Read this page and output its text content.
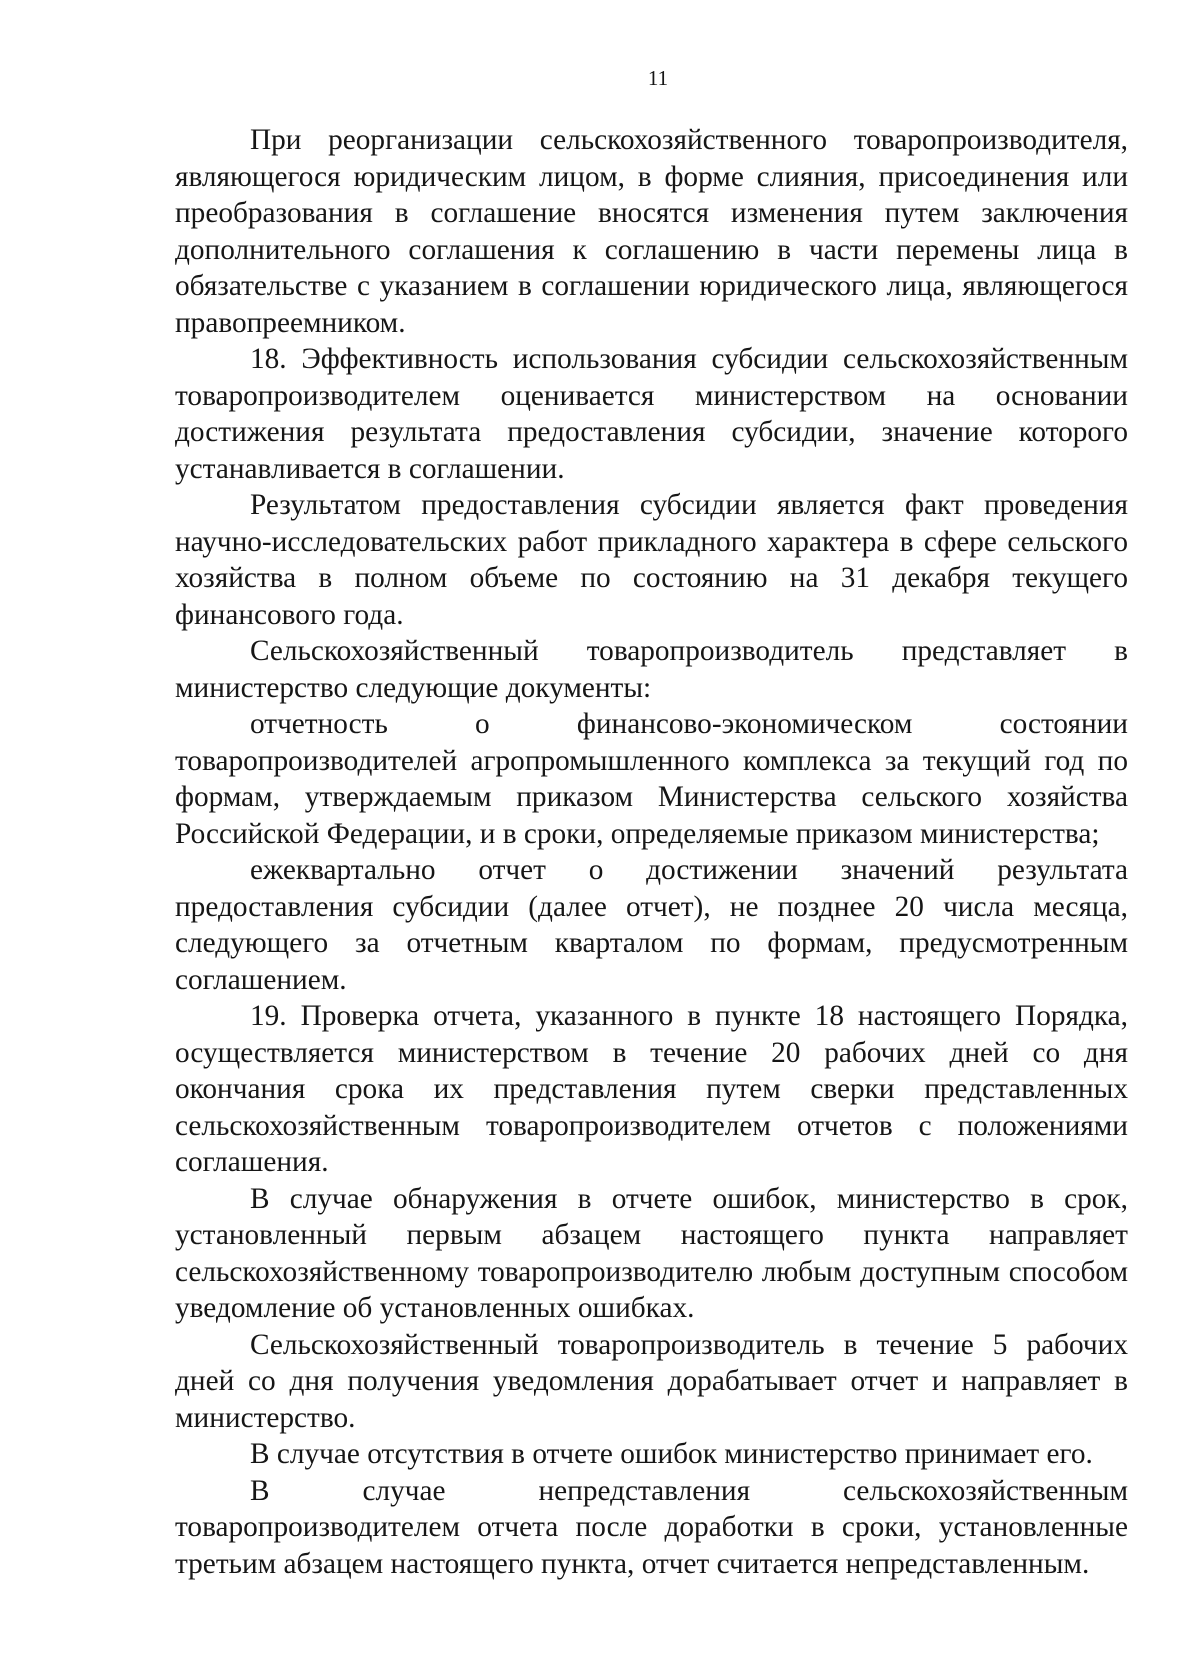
11

При реорганизации сельскохозяйственного товаропроизводителя, являющегося юридическим лицом, в форме слияния, присоединения или преобразования в соглашение вносятся изменения путем заключения дополнительного соглашения к соглашению в части перемены лица в обязательстве с указанием в соглашении юридического лица, являющегося правопреемником.

18. Эффективность использования субсидии сельскохозяйственным товаропроизводителем оценивается министерством на основании достижения результата предоставления субсидии, значение которого устанавливается в соглашении.

Результатом предоставления субсидии является факт проведения научно-исследовательских работ прикладного характера в сфере сельского хозяйства в полном объеме по состоянию на 31 декабря текущего финансового года.

Сельскохозяйственный товаропроизводитель представляет в министерство следующие документы:

отчетность о финансово-экономическом состоянии товаропроизводителей агропромышленного комплекса за текущий год по формам, утверждаемым приказом Министерства сельского хозяйства Российской Федерации, и в сроки, определяемые приказом министерства;

ежеквартально отчет о достижении значений результата предоставления субсидии (далее отчет), не позднее 20 числа месяца, следующего за отчетным кварталом по формам, предусмотренным соглашением.

19. Проверка отчета, указанного в пункте 18 настоящего Порядка, осуществляется министерством в течение 20 рабочих дней со дня окончания срока их представления путем сверки представленных сельскохозяйственным товаропроизводителем отчетов с положениями соглашения.

В случае обнаружения в отчете ошибок, министерство в срок, установленный первым абзацем настоящего пункта направляет сельскохозяйственному товаропроизводителю любым доступным способом уведомление об установленных ошибках.

Сельскохозяйственный товаропроизводитель в течение 5 рабочих дней со дня получения уведомления дорабатывает отчет и направляет в министерство.

В случае отсутствия в отчете ошибок министерство принимает его.

В случае непредставления сельскохозяйственным товаропроизводителем отчета после доработки в сроки, установленные третьим абзацем настоящего пункта, отчет считается непредставленным.
